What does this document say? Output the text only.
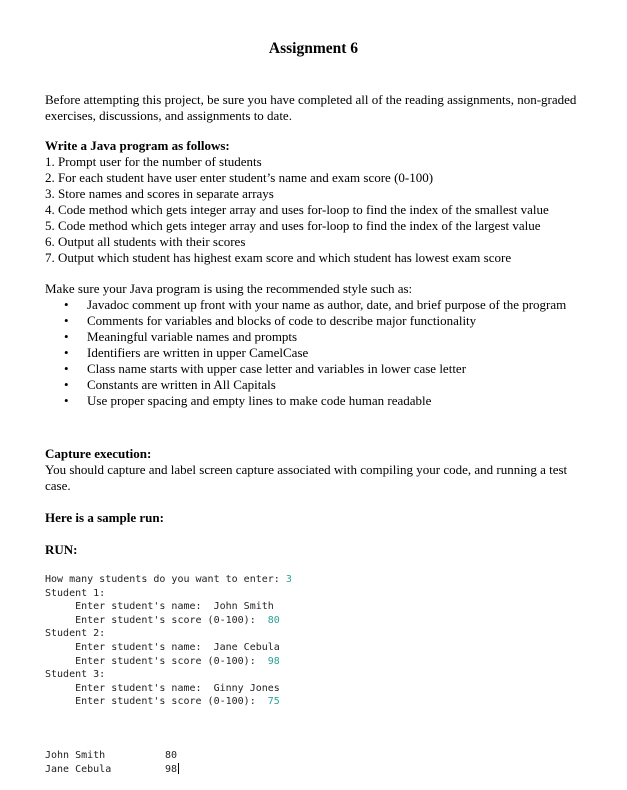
Assignment 6
Before attempting this project, be sure you have completed all of the reading assignments, non-graded exercises, discussions, and assignments to date.
Write a Java program as follows:
1. Prompt user for the number of students
2. For each student have user enter student’s name and exam score (0-100)
3. Store names and scores in separate arrays
4. Code method which gets integer array and uses for-loop to find the index of the smallest value
5. Code method which gets integer array and uses for-loop to find the index of the largest value
6. Output all students with their scores
7. Output which student has highest exam score and which student has lowest exam score
Make sure your Java program is using the recommended style such as:
• Javadoc comment up front with your name as author, date, and brief purpose of the program
• Comments for variables and blocks of code to describe major functionality
• Meaningful variable names and prompts
• Identifiers are written in upper CamelCase
• Class name starts with upper case letter and variables in lower case letter
• Constants are written in All Capitals
• Use proper spacing and empty lines to make code human readable
Capture execution:
You should capture and label screen capture associated with compiling your code, and running a test case.
Here is a sample run:
RUN:
How many students do you want to enter: 3
Student 1:
Enter student's name:  John Smith
Enter student's score (0-100):  80
Student 2:
Enter student's name:  Jane Cebula
Enter student's score (0-100):  98
Student 3:
Enter student's name:  Ginny Jones
Enter student's score (0-100):  75
John Smith	80
Jane Cebula	98
